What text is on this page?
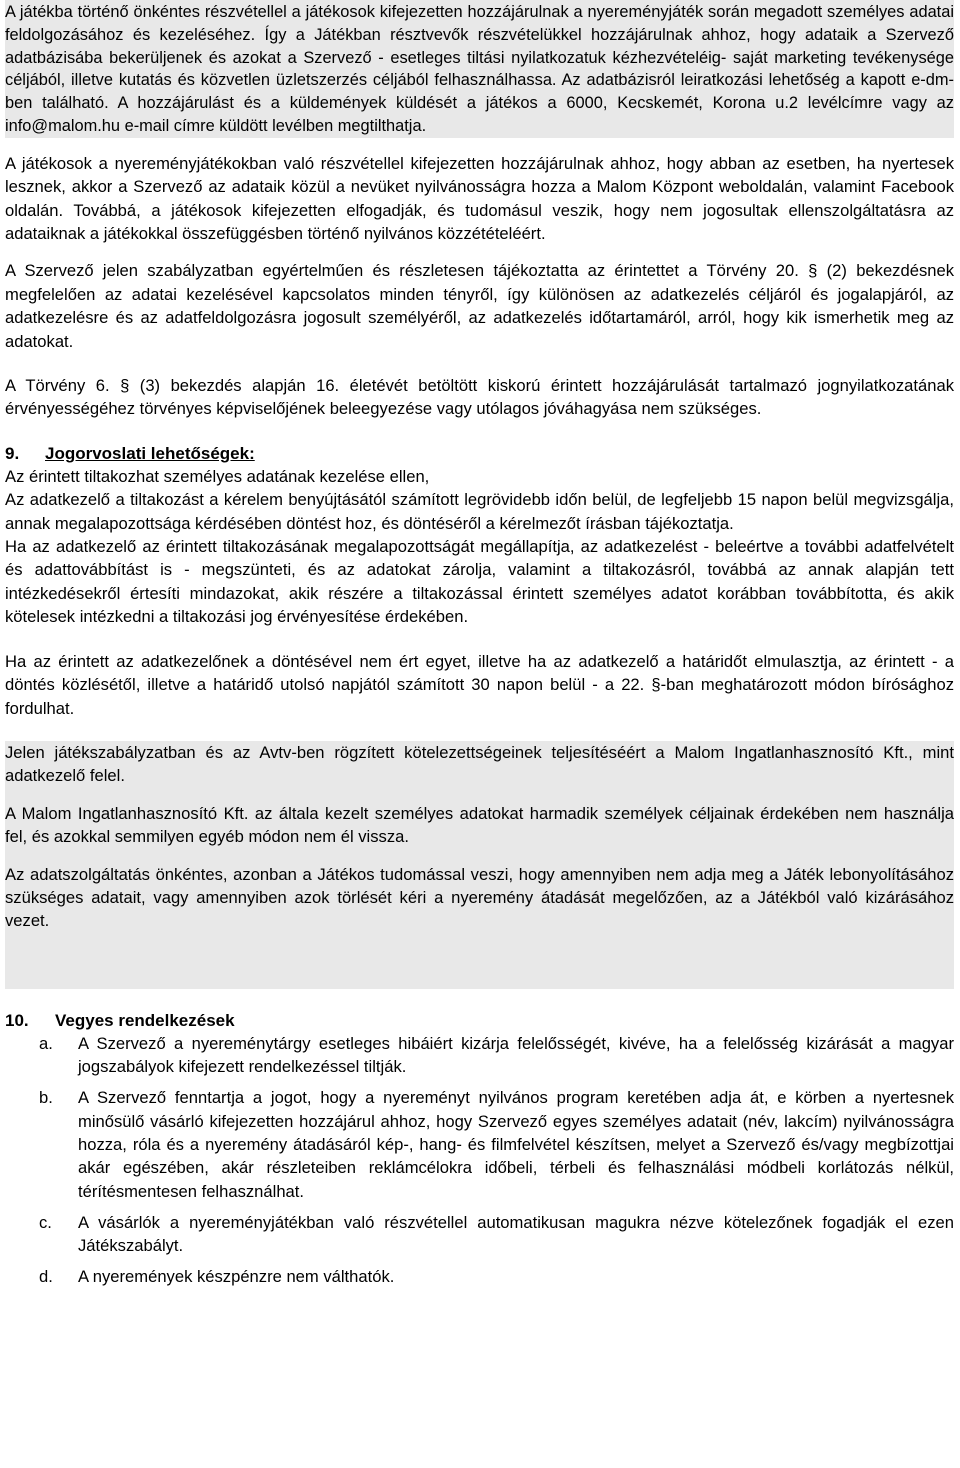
A játékba történő önkéntes részvétellel a játékosok kifejezetten hozzájárulnak a nyereményjáték során megadott személyes adatai feldolgozásához és kezeléséhez. Így a Játékban résztvevők részvételükkel hozzájárulnak ahhoz, hogy adataik a Szervező adatbázisába bekerüljenek és azokat a Szervező - esetleges tiltási nyilatkozatuk kézhezvételéig- saját marketing tevékenysége céljából, illetve kutatás és közvetlen üzletszerzés céljából felhasználhassa. Az adatbázisról leiratkozási lehetőség a kapott e-dm-ben található. A hozzájárulást és a küldemények küldését a játékos a 6000, Kecskemét, Korona u.2 levélcímre vagy az info@malom.hu e-mail címre küldött levélben megtilthatja.

A játékosok a nyereményjátékokban való részvétellel kifejezetten hozzájárulnak ahhoz, hogy abban az esetben, ha nyertesek lesznek, akkor a Szervező az adataik közül a nevüket nyilvánosságra hozza a Malom Központ weboldalán, valamint Facebook oldalán. Továbbá, a játékosok kifejezetten elfogadják, és tudomásul veszik, hogy nem jogosultak ellenszolgáltatásra az adataiknak a játékokkal összefüggésben történő nyilvános közzétételéért.

A Szervező jelen szabályzatban egyértelműen és részletesen tájékoztatta az érintettet a Törvény 20. § (2) bekezdésnek megfelelően az adatai kezelésével kapcsolatos minden tényről, így különösen az adatkezelés céljáról és jogalapjáról, az adatkezelésre és az adatfeldolgozásra jogosult személyéről, az adatkezelés időtartamáról, arról, hogy kik ismerhetik meg az adatokat.

A Törvény 6. § (3) bekezdés alapján 16. életévét betöltött kiskorú érintett hozzájárulását tartalmazó jognyilatkozatának érvényességéhez törvényes képviselőjének beleegyezése vagy utólagos jóváhagyása nem szükséges.

9. Jogorvoslati lehetőségek:

Az érintett tiltakozhat személyes adatának kezelése ellen,

Az adatkezelő a tiltakozást a kérelem benyújtásától számított legrövidebb időn belül, de legfeljebb 15 napon belül megvizsgálja, annak megalapozottsága kérdésében döntést hoz, és döntéséről a kérelmezőt írásban tájékoztatja.

Ha az adatkezelő az érintett tiltakozásának megalapozottságát megállapítja, az adatkezelést - beleértve a további adatfelvételt és adattovábbítást is - megszünteti, és az adatokat zárolja, valamint a tiltakozásról, továbbá az annak alapján tett intézkedésekről értesíti mindazokat, akik részére a tiltakozással érintett személyes adatot korábban továbbította, és akik kötelesek intézkedni a tiltakozási jog érvényesítése érdekében.

Ha az érintett az adatkezelőnek a döntésével nem ért egyet, illetve ha az adatkezelő a határidőt elmulasztja, az érintett - a döntés közlésétől, illetve a határidő utolsó napjától számított 30 napon belül - a 22. §-ban meghatározott módon bírósághoz fordulhat.

Jelen játékszabályzatban és az Avtv-ben rögzített kötelezettségeinek teljesítéséért a Malom Ingatlanhasznosító Kft., mint adatkezelő felel.

A Malom Ingatlanhasznosító Kft. az általa kezelt személyes adatokat harmadik személyek céljainak érdekében nem használja fel, és azokkal semmilyen egyéb módon nem él vissza.

Az adatszolgáltatás önkéntes, azonban a Játékos tudomással veszi, hogy amennyiben nem adja meg a Játék lebonyolításához szükséges adatait, vagy amennyiben azok törlését kéri a nyeremény átadását megelőzően, az a Játékból való kizárásához vezet.

10. Vegyes rendelkezések
a. A Szervező a nyereménytárgy esetleges hibáiért kizárja felelősségét, kivéve, ha a felelősség kizárását a magyar jogszabályok kifejezett rendelkezéssel tiltják.
b. A Szervező fenntartja a jogot, hogy a nyereményt nyilvános program keretében adja át, e körben a nyertesnek minősülő vásárló kifejezetten hozzájárul ahhoz, hogy Szervező egyes személyes adatait (név, lakcím) nyilvánosságra hozza, róla és a nyeremény átadásáról kép-, hang- és filmfelvétel készítsen, melyet a Szervező és/vagy megbízottjai akár egészében, akár részleteiben reklámcélokra időbeli, térbeli és felhasználási módbeli korlátozás nélkül, térítésmentesen felhasználhat.
c. A vásárlók a nyereményjátékban való részvétellel automatikusan magukra nézve kötelezőnek fogadják el ezen Játékszabályt.
d. A nyeremények készpénzre nem válthatók.
